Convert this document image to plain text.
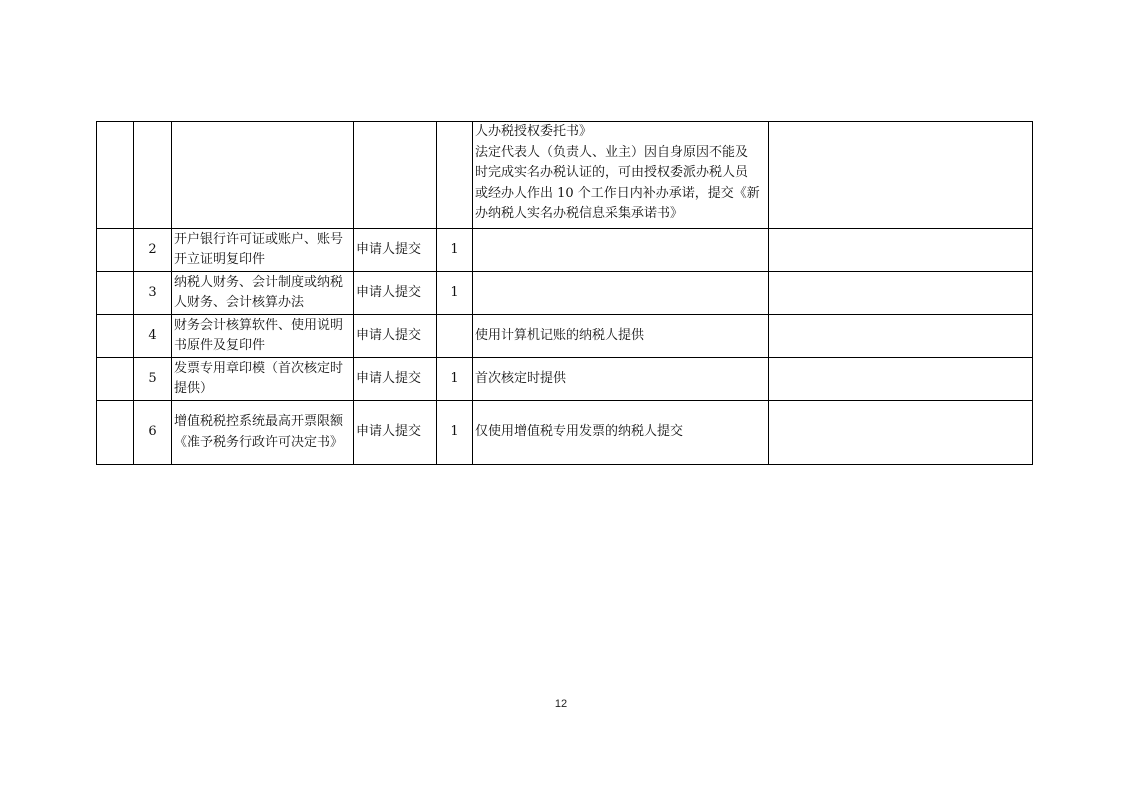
					人办税授权委托书》
法定代表人（负责人、业主）因自身原因不能及
时完成实名办税认证的，可由授权委派办税人员
或经办人作出 10 个工作日内补办承诺，提交《新
办纳税人实名办税信息采集承诺书》	

	2	开户银行许可证或账户、账号开立证明复印件	申请人提交	1		
	3	纳税人财务、会计制度或纳税人财务、会计核算办法	申请人提交	1		
	4	财务会计核算软件、使用说明书原件及复印件	申请人提交		使用计算机记账的纳税人提供	
	5	发票专用章印模（首次核定时提供）	申请人提交	1	首次核定时提供	
	6	增值税税控系统最高开票限额《准予税务行政许可决定书》	申请人提交	1	仅使用增值税专用发票的纳税人提交	
12
